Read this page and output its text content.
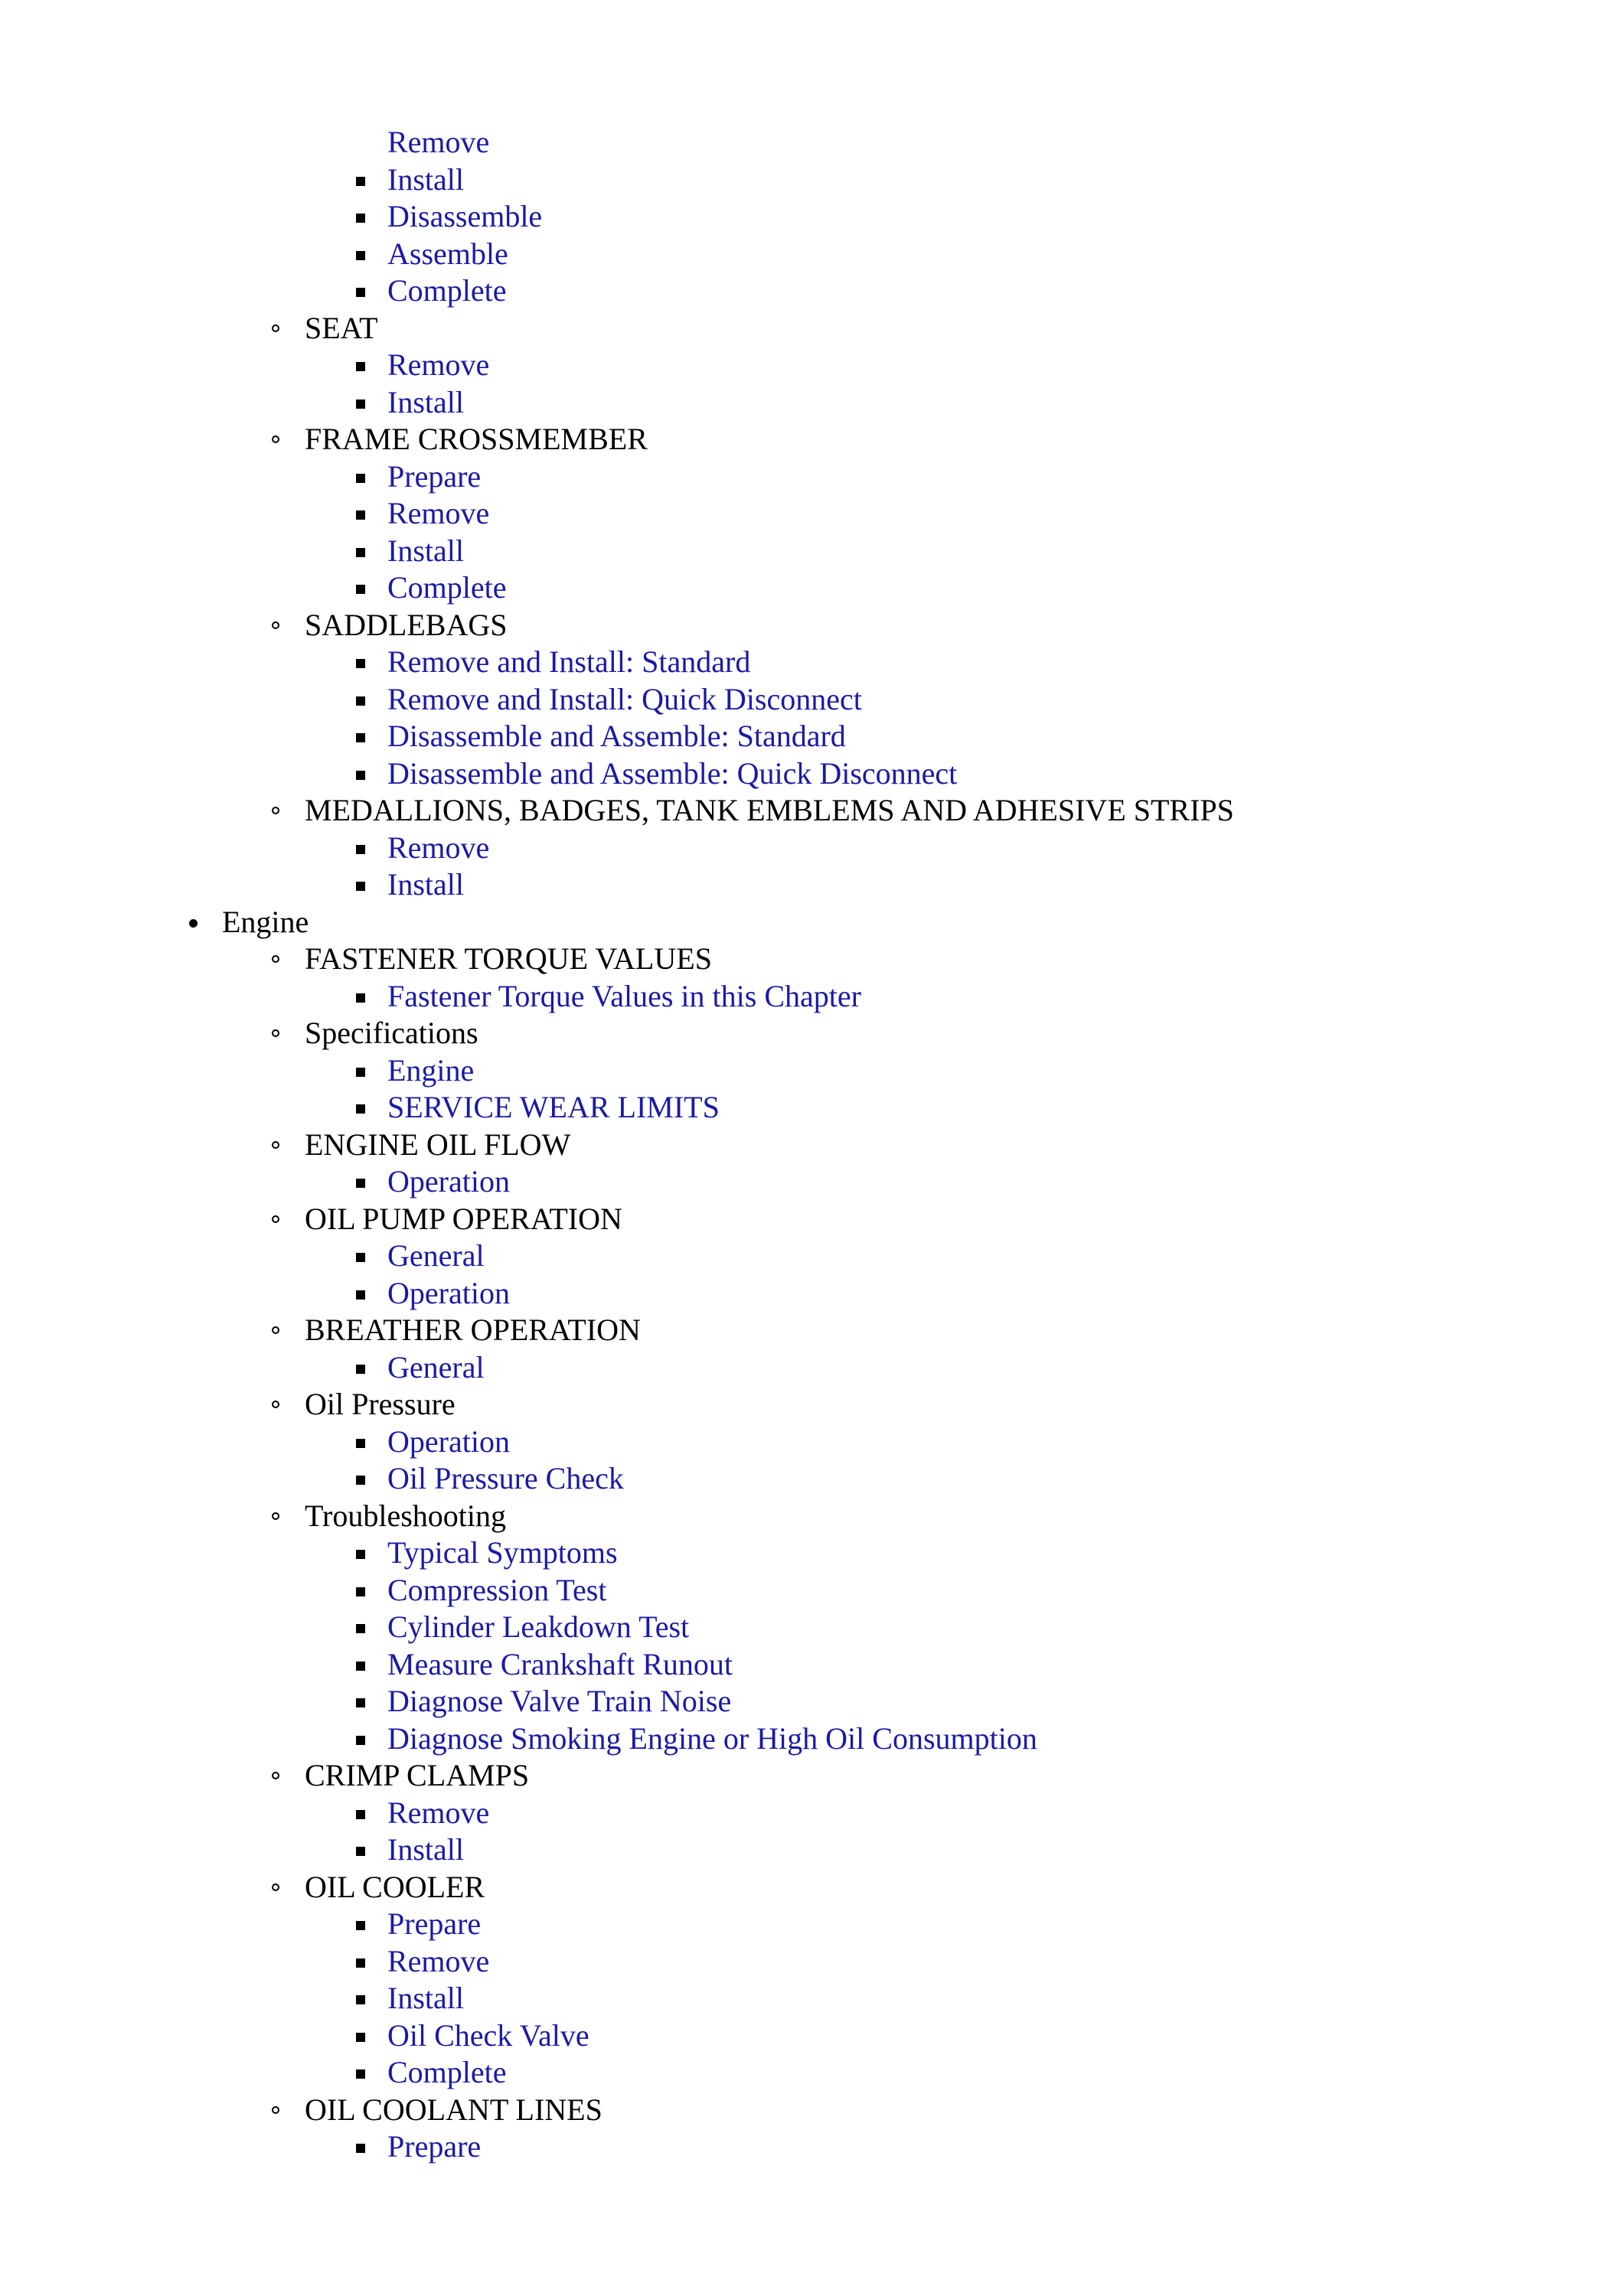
Remove
Install
Disassemble
Assemble
Complete
SEAT
Remove
Install
FRAME CROSSMEMBER
Prepare
Remove
Install
Complete
SADDLEBAGS
Remove and Install: Standard
Remove and Install: Quick Disconnect
Disassemble and Assemble: Standard
Disassemble and Assemble: Quick Disconnect
MEDALLIONS, BADGES, TANK EMBLEMS AND ADHESIVE STRIPS
Remove
Install
Engine
FASTENER TORQUE VALUES
Fastener Torque Values in this Chapter
Specifications
Engine
SERVICE WEAR LIMITS
ENGINE OIL FLOW
Operation
OIL PUMP OPERATION
General
Operation
BREATHER OPERATION
General
Oil Pressure
Operation
Oil Pressure Check
Troubleshooting
Typical Symptoms
Compression Test
Cylinder Leakdown Test
Measure Crankshaft Runout
Diagnose Valve Train Noise
Diagnose Smoking Engine or High Oil Consumption
CRIMP CLAMPS
Remove
Install
OIL COOLER
Prepare
Remove
Install
Oil Check Valve
Complete
OIL COOLANT LINES
Prepare
